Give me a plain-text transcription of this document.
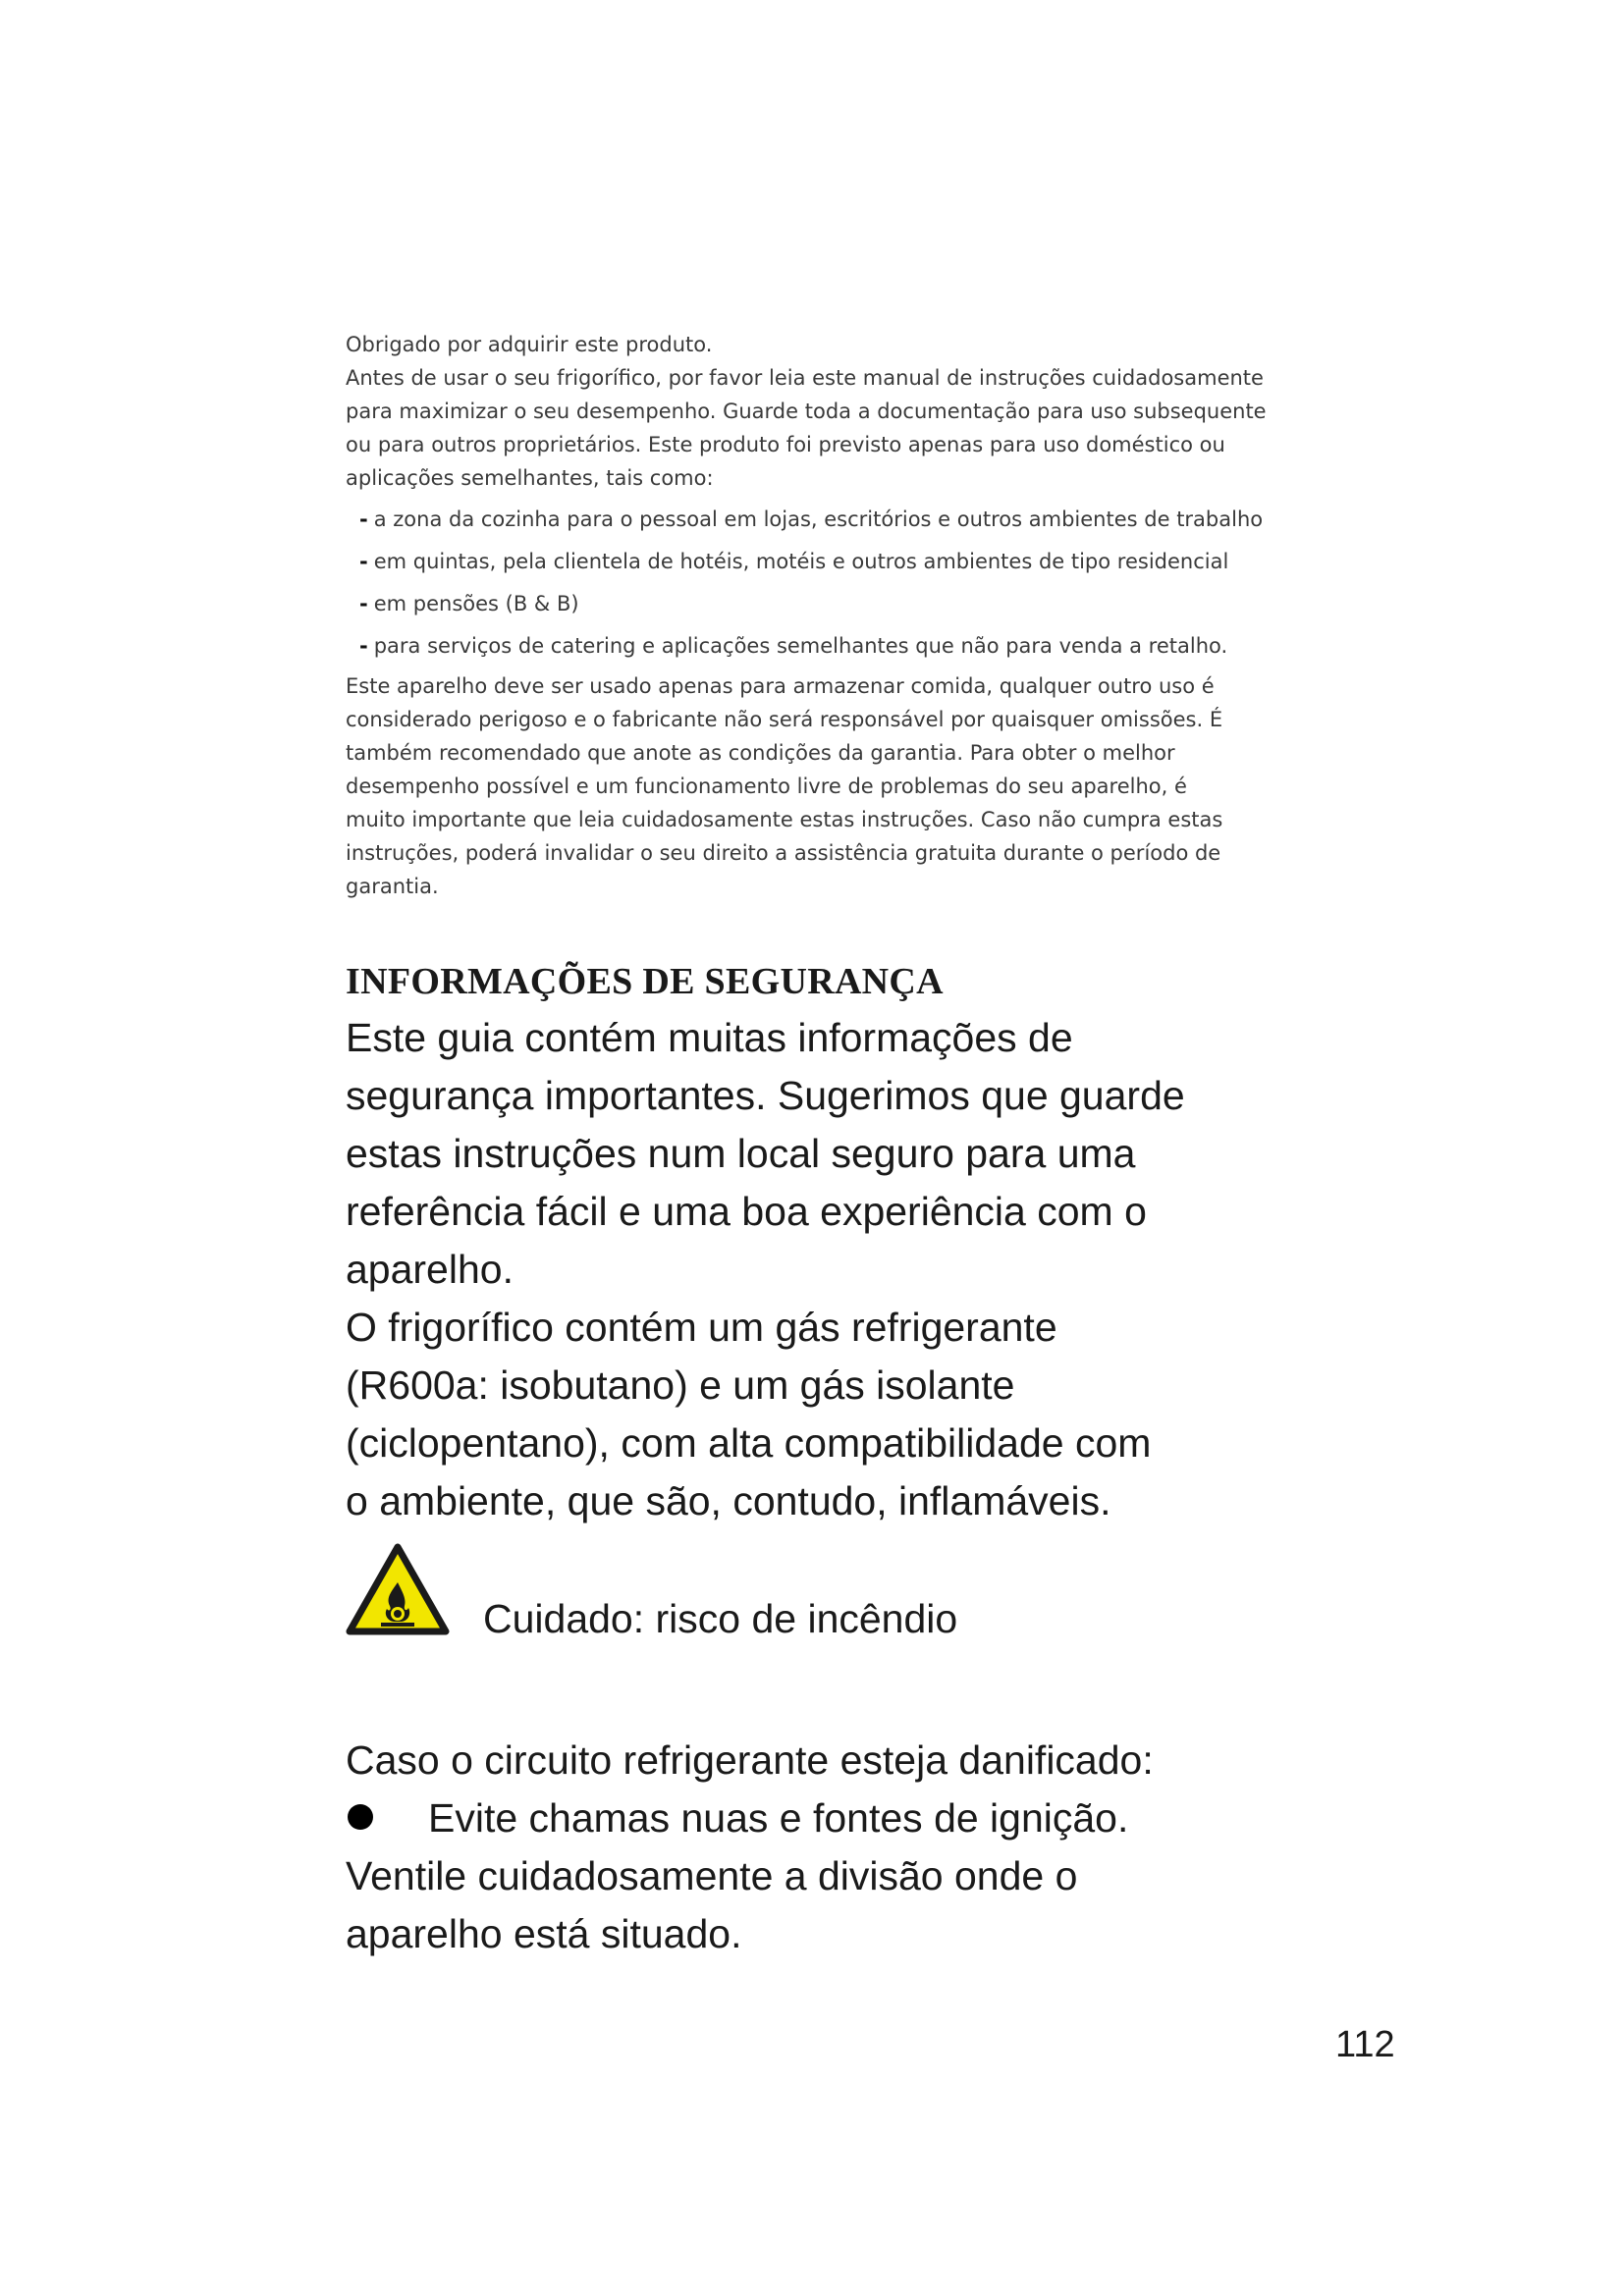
Obrigado por adquirir este produto.
Antes de usar o seu frigorífico, por favor leia este manual de instruções cuidadosamente
para maximizar o seu desempenho. Guarde toda a documentação para uso subsequente
ou para outros proprietários. Este produto foi previsto apenas para uso doméstico ou
aplicações semelhantes, tais como:
- a zona da cozinha para o pessoal em lojas, escritórios e outros ambientes de trabalho
- em quintas, pela clientela de hotéis, motéis e outros ambientes de tipo residencial
- em pensões (B & B)
- para serviços de catering e aplicações semelhantes que não para venda a retalho.
Este aparelho deve ser usado apenas para armazenar comida, qualquer outro uso é
considerado perigoso e o fabricante não será responsável por quaisquer omissões. É
também recomendado que anote as condições da garantia. Para obter o melhor
desempenho possível e um funcionamento livre de problemas do seu aparelho, é
muito importante que leia cuidadosamente estas instruções. Caso não cumpra estas
instruções, poderá invalidar o seu direito a assistência gratuita durante o período de
garantia.
INFORMAÇÕES DE SEGURANÇA
Este guia contém muitas informações de
segurança importantes. Sugerimos que guarde
estas instruções num local seguro para uma
referência fácil e uma boa experiência com o
aparelho.
O frigorífico contém um gás refrigerante
(R600a: isobutano) e um gás isolante
(ciclopentano), com alta compatibilidade com
o ambiente, que são, contudo, inflamáveis.
Cuidado: risco de incêndio
Caso o circuito refrigerante esteja danificado:
Evite chamas nuas e fontes de ignição.
Ventile cuidadosamente a divisão onde o
aparelho está situado.
112
